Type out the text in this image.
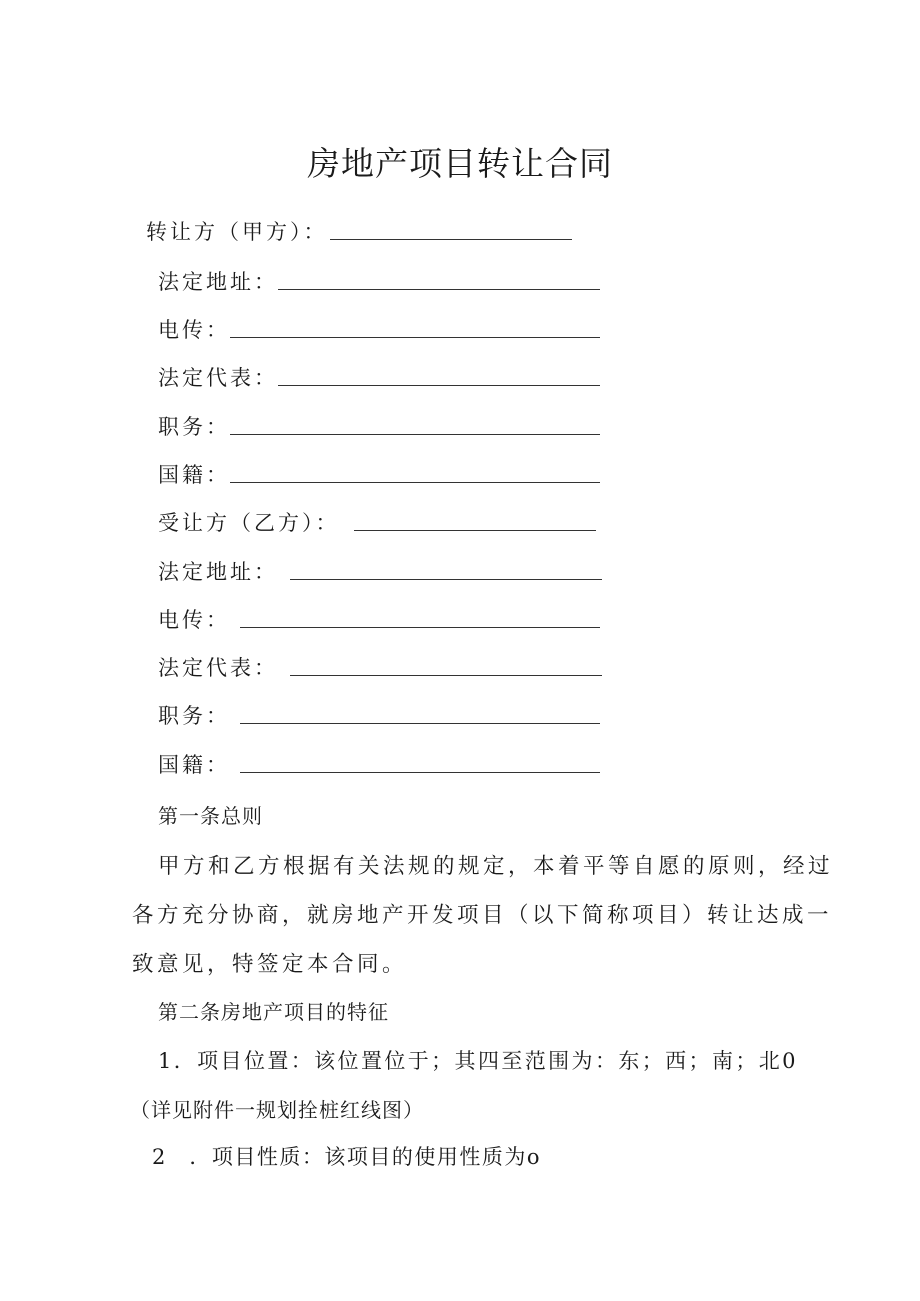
房地产项目转让合同
转让方（甲方）：
法定地址：
电传：
法定代表：
职务：
国籍：
受让方（乙方）：
法定地址：
电传：
法定代表：
职务：
国籍：
第一条总则
甲方和乙方根据有关法规的规定，本着平等自愿的原则，经过
各方充分协商，就房地产开发项目（以下简称项目）转让达成一
致意见，特签定本合同。
第二条房地产项目的特征
1．项目位置：该位置位于；其四至范围为：东；西；南；北0
（详见附件一规划拴桩红线图）
2　．项目性质：该项目的使用性质为o
